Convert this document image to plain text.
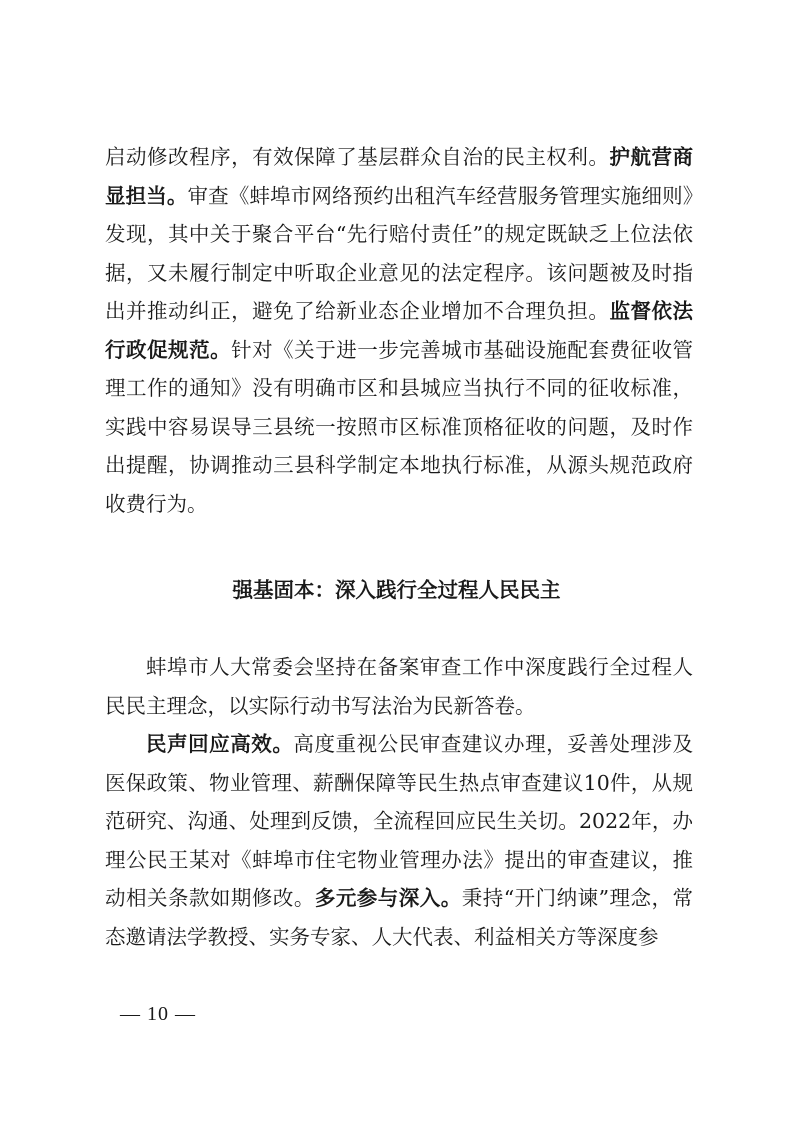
启动修改程序，有效保障了基层群众自治的民主权利。护航营商显担当。审查《蚌埠市网络预约出租汽车经营服务管理实施细则》发现，其中关于聚合平台“先行赔付责任”的规定既缺乏上位法依据，又未履行制定中听取企业意见的法定程序。该问题被及时指出并推动纠正，避免了给新业态企业增加不合理负担。监督依法行政促规范。针对《关于进一步完善城市基础设施配套费征收管理工作的通知》没有明确市区和县城应当执行不同的征收标准，实践中容易误导三县统一按照市区标准顶格征收的问题，及时作出提醒，协调推动三县科学制定本地执行标准，从源头规范政府收费行为。

强基固本：深入践行全过程人民民主

蚌埠市人大常委会坚持在备案审查工作中深度践行全过程人民民主理念，以实际行动书写法治为民新答卷。

民声回应高效。高度重视公民审查建议办理，妥善处理涉及医保政策、物业管理、薪酬保障等民生热点审查建议10件，从规范研究、沟通、处理到反馈，全流程回应民生关切。2022年，办理公民王某对《蚌埠市住宅物业管理办法》提出的审查建议，推动相关条款如期修改。多元参与深入。秉持“开门纳谏”理念，常态邀请法学教授、实务专家、人大代表、利益相关方等深度参

— 10 —
